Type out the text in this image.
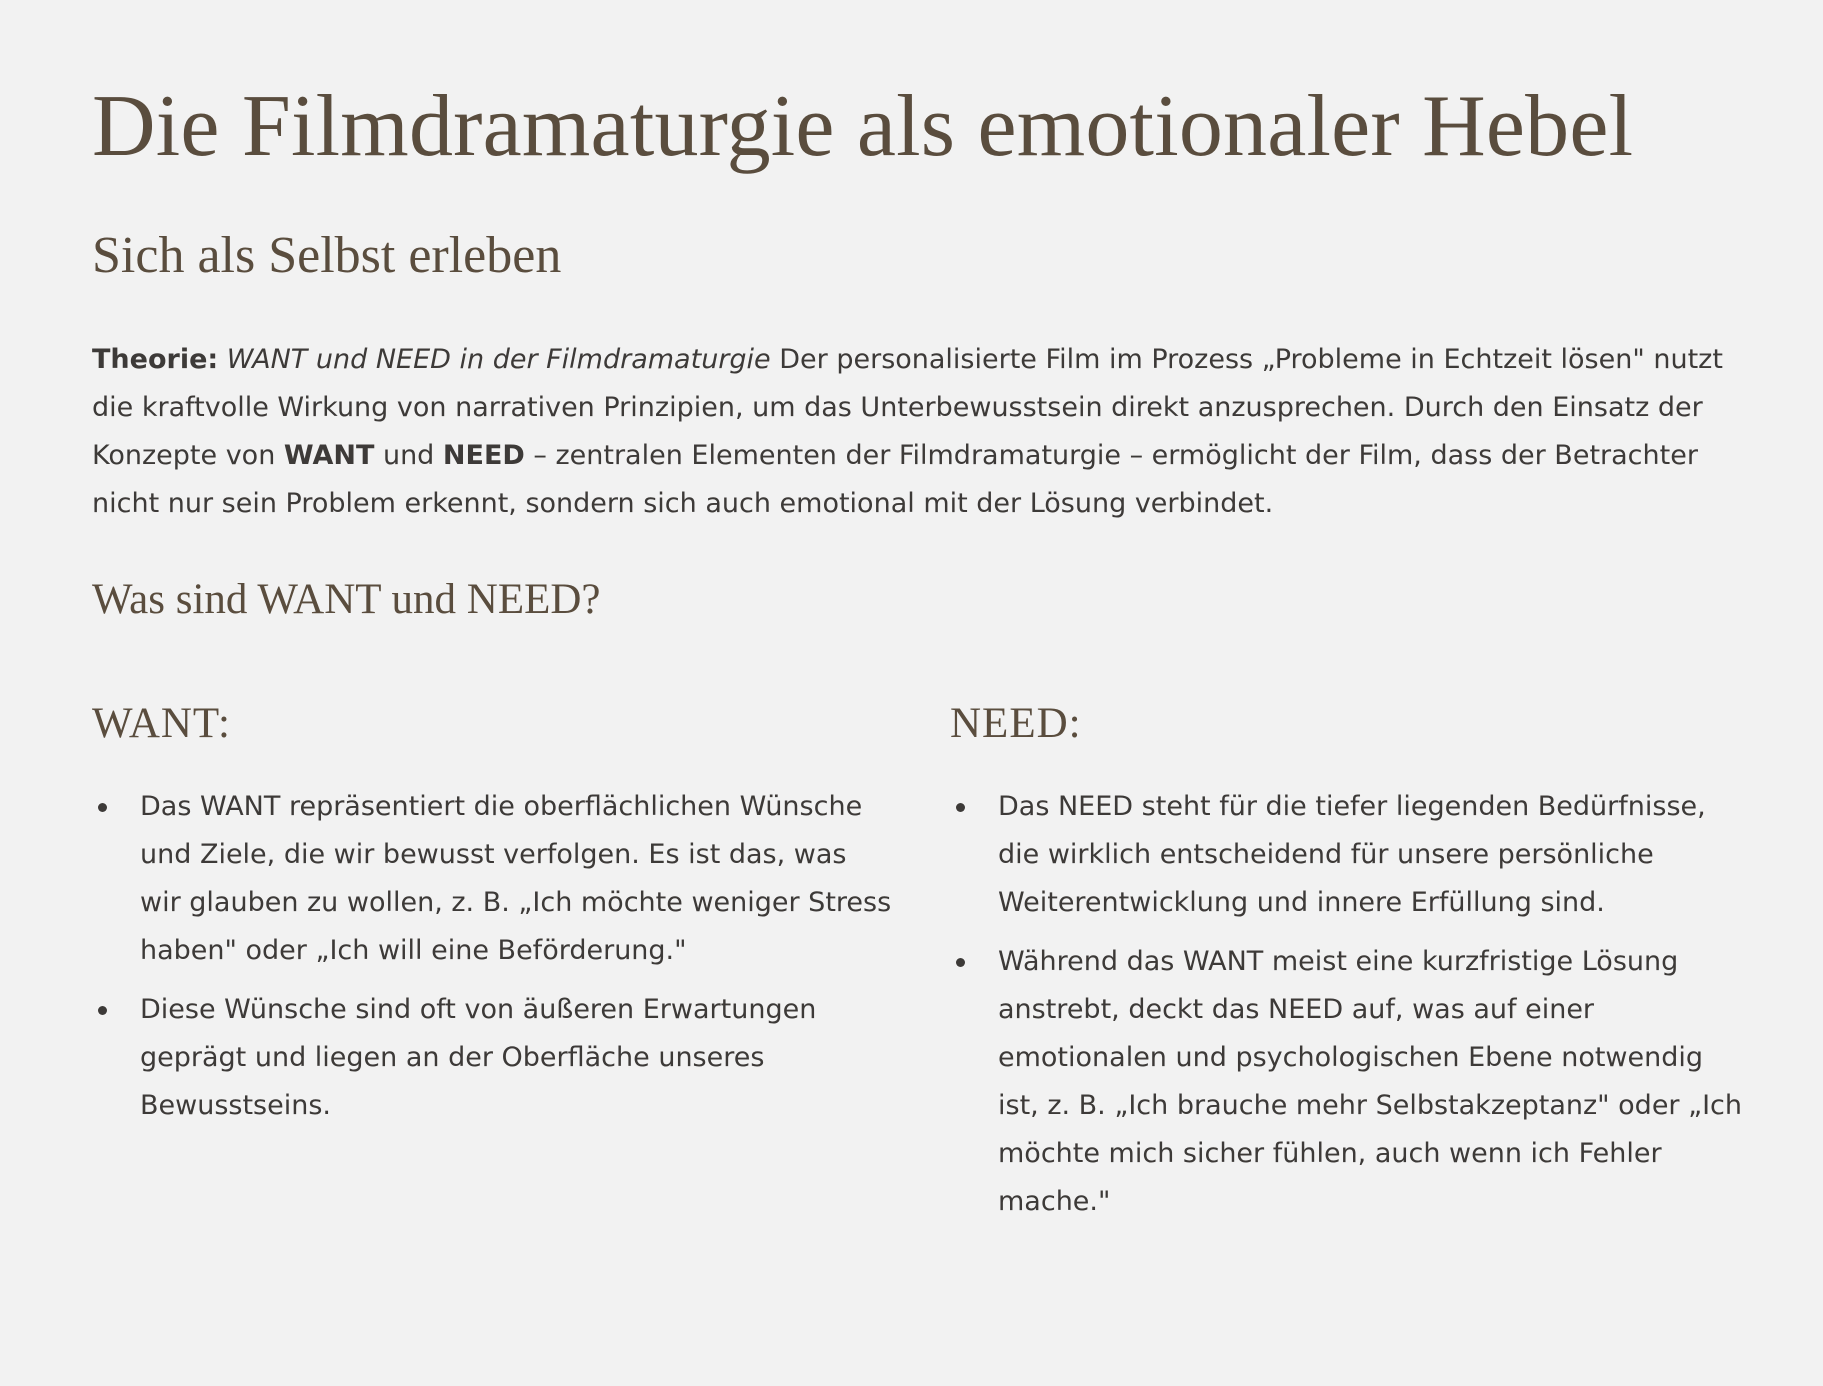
Die Filmdramaturgie als emotionaler Hebel
Sich als Selbst erleben

Theorie: WANT und NEED in der Filmdramaturgie Der personalisierte Film im Prozess „Probleme in Echtzeit lösen" nutzt die kraftvolle Wirkung von narrativen Prinzipien, um das Unterbewusstsein direkt anzusprechen. Durch den Einsatz der Konzepte von WANT und NEED – zentralen Elementen der Filmdramaturgie – ermöglicht der Film, dass der Betrachter nicht nur sein Problem erkennt, sondern sich auch emotional mit der Lösung verbindet.

Was sind WANT und NEED?
WANT:
Das WANT repräsentiert die oberflächlichen Wünsche und Ziele, die wir bewusst verfolgen. Es ist das, was wir glauben zu wollen, z. B. „Ich möchte weniger Stress haben" oder „Ich will eine Beförderung."
Diese Wünsche sind oft von äußeren Erwartungen geprägt und liegen an der Oberfläche unseres Bewusstseins.
NEED:
Das NEED steht für die tiefer liegenden Bedürfnisse, die wirklich entscheidend für unsere persönliche Weiterentwicklung und innere Erfüllung sind.
Während das WANT meist eine kurzfristige Lösung anstrebt, deckt das NEED auf, was auf einer emotionalen und psychologischen Ebene notwendig ist, z. B. „Ich brauche mehr Selbstakzeptanz" oder „Ich möchte mich sicher fühlen, auch wenn ich Fehler mache."
